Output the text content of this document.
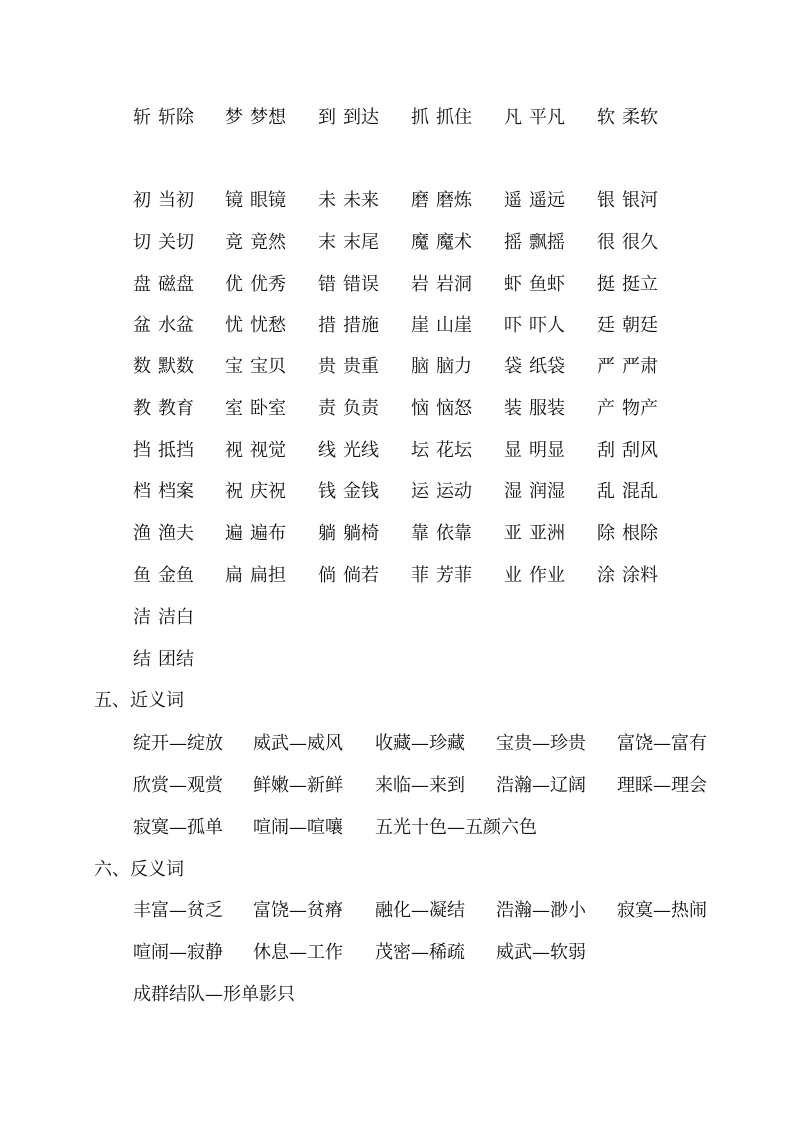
斩 斩除 梦 梦想 到 到达 抓 抓住 凡 平凡 软 柔软
初 当初 镜 眼镜 未 未来 磨 磨炼 遥 遥远 银 银河
切 关切 竟 竟然 末 末尾 魔 魔术 摇 飘摇 很 很久
盘 磁盘 优 优秀 错 错误 岩 岩洞 虾 鱼虾 挺 挺立
盆 水盆 忧 忧愁 措 措施 崖 山崖 吓 吓人 廷 朝廷
数 默数 宝 宝贝 贵 贵重 脑 脑力 袋 纸袋 严 严肃
教 教育 室 卧室 责 负责 恼 恼怒 装 服装 产 物产
挡 抵挡 视 视觉 线 光线 坛 花坛 显 明显 刮 刮风
档 档案 祝 庆祝 钱 金钱 运 运动 湿 润湿 乱 混乱
渔 渔夫 遍 遍布 躺 躺椅 靠 依靠 亚 亚洲 除 根除
鱼 金鱼 扁 扁担 倘 倘若 菲 芳菲 业 作业 涂 涂料
洁 洁白
结 团结
五、近义词
绽开—绽放 威武—威风 收藏—珍藏 宝贵—珍贵 富饶—富有
欣赏—观赏 鲜嫩—新鲜 来临—来到 浩瀚—辽阔 理睬—理会
寂寞—孤单 喧闹—喧嚷 五光十色—五颜六色
六、反义词
丰富—贫乏 富饶—贫瘠 融化—凝结 浩瀚—渺小 寂寞—热闹
喧闹—寂静 休息—工作 茂密—稀疏 威武—软弱
成群结队—形单影只
